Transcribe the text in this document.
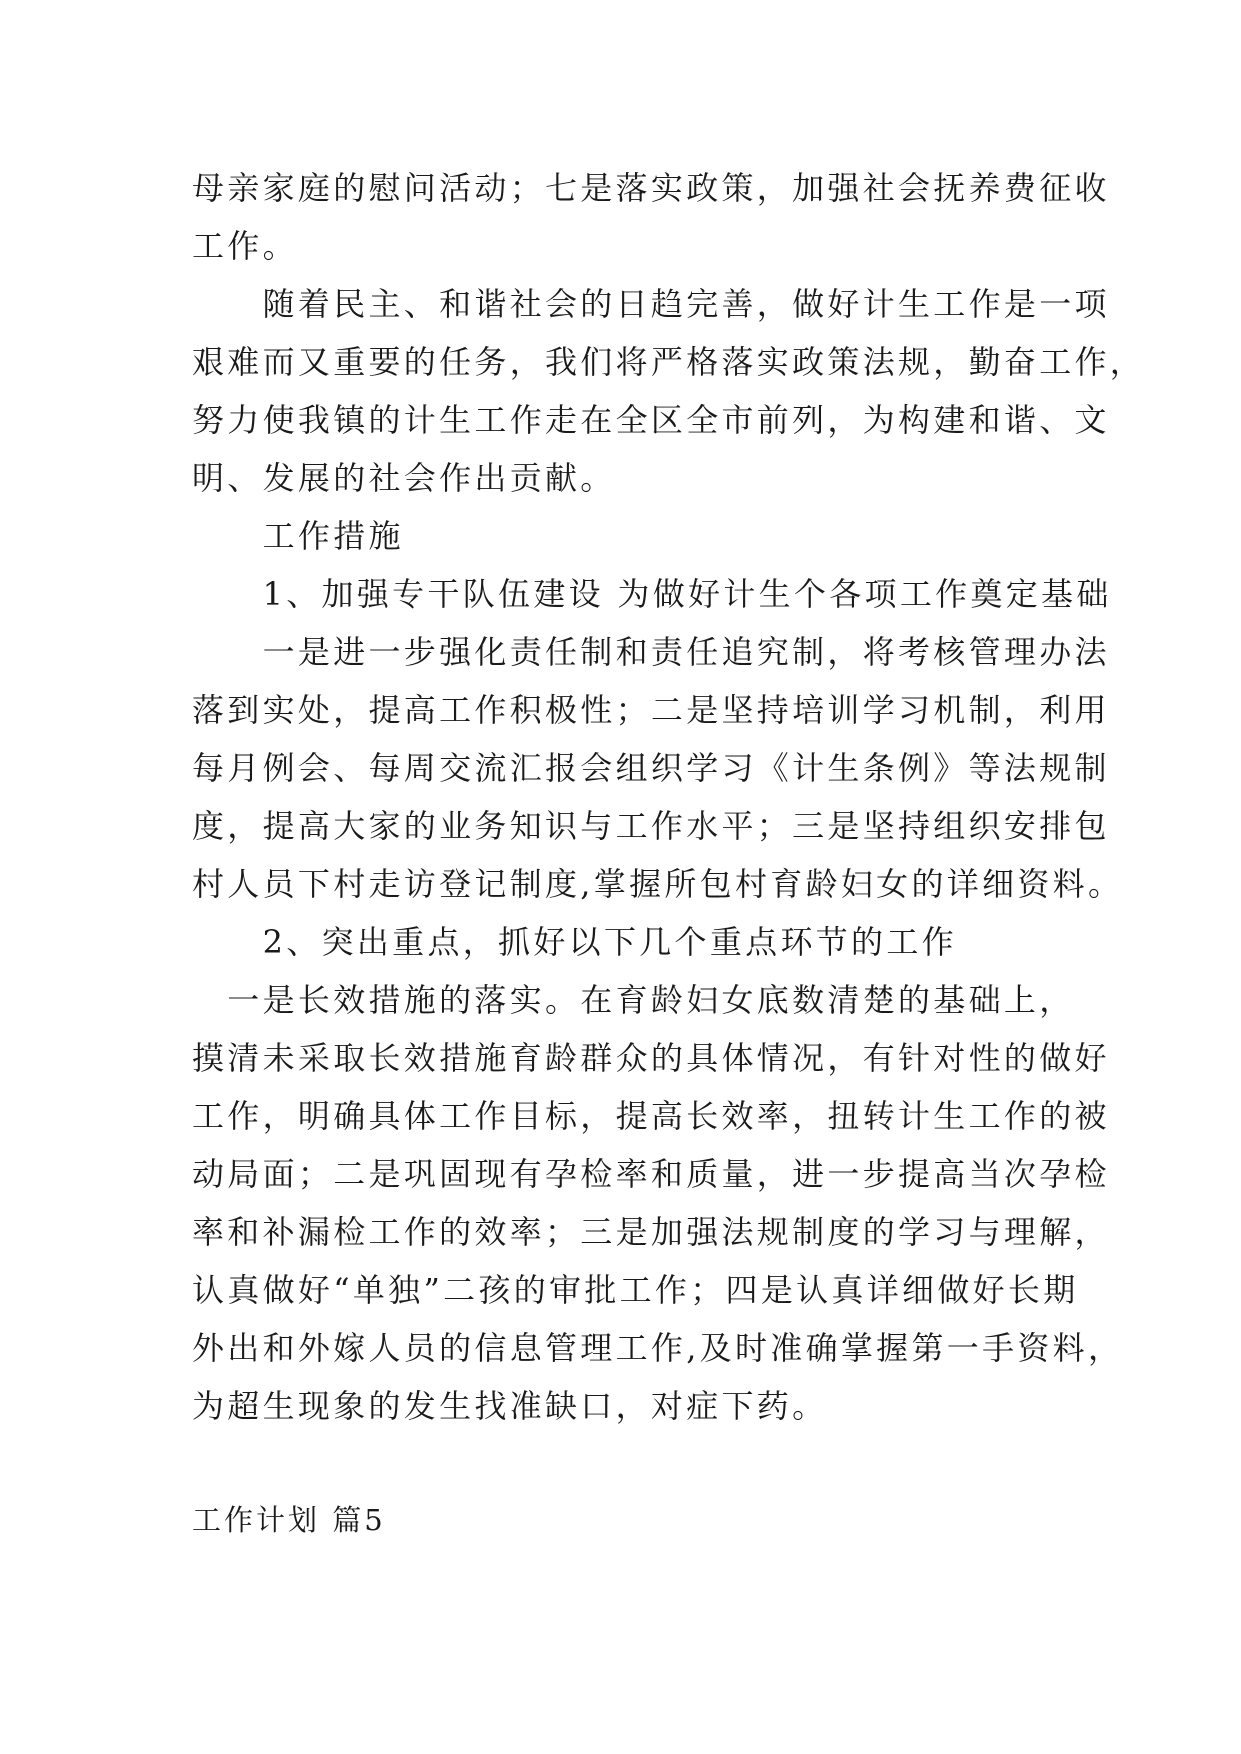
母亲家庭的慰问活动；七是落实政策，加强社会抚养费征收
工作。
　　随着民主、和谐社会的日趋完善，做好计生工作是一项
艰难而又重要的任务，我们将严格落实政策法规，勤奋工作，
努力使我镇的计生工作走在全区全市前列，为构建和谐、文
明、发展的社会作出贡献。
　　工作措施
　　1、加强专干队伍建设 为做好计生个各项工作奠定基础
　　一是进一步强化责任制和责任追究制，将考核管理办法
落到实处，提高工作积极性；二是坚持培训学习机制，利用
每月例会、每周交流汇报会组织学习《计生条例》等法规制
度，提高大家的业务知识与工作水平；三是坚持组织安排包
村人员下村走访登记制度,掌握所包村育龄妇女的详细资料。
　　2、突出重点，抓好以下几个重点环节的工作
　一是长效措施的落实。在育龄妇女底数清楚的基础上，
摸清未采取长效措施育龄群众的具体情况，有针对性的做好
工作，明确具体工作目标，提高长效率，扭转计生工作的被
动局面；二是巩固现有孕检率和质量，进一步提高当次孕检
率和补漏检工作的效率；三是加强法规制度的学习与理解，
认真做好“单独”二孩的审批工作；四是认真详细做好长期
外出和外嫁人员的信息管理工作,及时准确掌握第一手资料，
为超生现象的发生找准缺口，对症下药。
工作计划 篇5
